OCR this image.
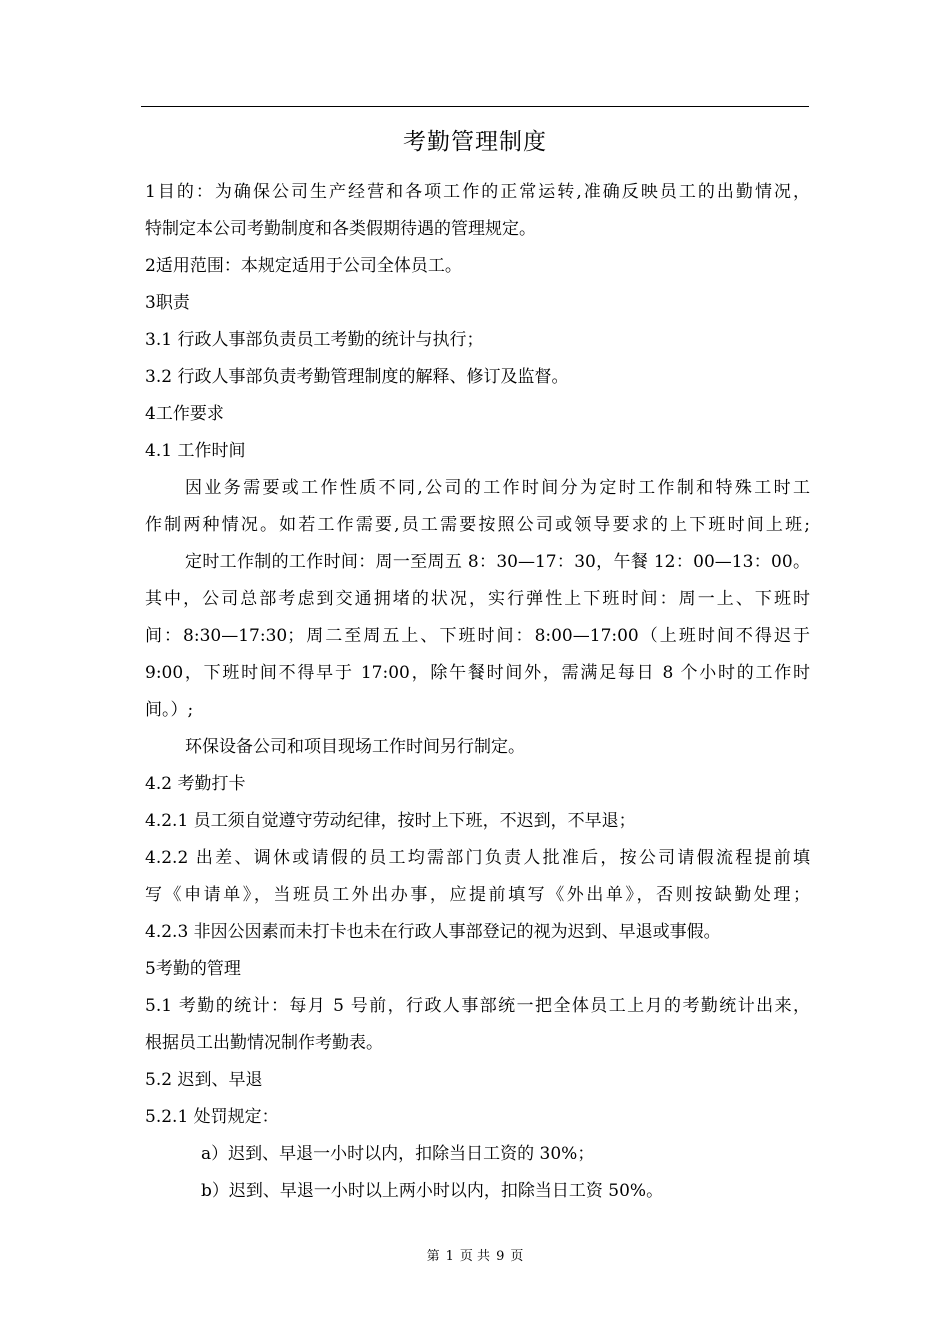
考勤管理制度
1目的：为确保公司生产经营和各项工作的正常运转,准确反映员工的出勤情况，
特制定本公司考勤制度和各类假期待遇的管理规定。
2适用范围：本规定适用于公司全体员工。
3职责
3.1 行政人事部负责员工考勤的统计与执行；
3.2 行政人事部负责考勤管理制度的解释、修订及监督。
4工作要求
4.1 工作时间
因业务需要或工作性质不同,公司的工作时间分为定时工作制和特殊工时工
作制两种情况。如若工作需要,员工需要按照公司或领导要求的上下班时间上班;
定时工作制的工作时间：周一至周五 8：30—17：30，午餐 12：00—13：00。
其中，公司总部考虑到交通拥堵的状况，实行弹性上下班时间：周一上、下班时
间：8:30—17:30；周二至周五上、下班时间：8:00—17:00（上班时间不得迟于
9:00，下班时间不得早于 17:00，除午餐时间外，需满足每日 8 个小时的工作时
间。）;
环保设备公司和项目现场工作时间另行制定。
4.2 考勤打卡
4.2.1 员工须自觉遵守劳动纪律，按时上下班，不迟到，不早退；
4.2.2 出差、调休或请假的员工均需部门负责人批准后，按公司请假流程提前填
写《申请单》，当班员工外出办事，应提前填写《外出单》，否则按缺勤处理；
4.2.3 非因公因素而未打卡也未在行政人事部登记的视为迟到、早退或事假。
5考勤的管理
5.1 考勤的统计：每月 5 号前，行政人事部统一把全体员工上月的考勤统计出来，
根据员工出勤情况制作考勤表。
5.2 迟到、早退
5.2.1 处罚规定：
a）迟到、早退一小时以内，扣除当日工资的 30%；
b）迟到、早退一小时以上两小时以内，扣除当日工资 50%。
第 1 页 共 9 页
